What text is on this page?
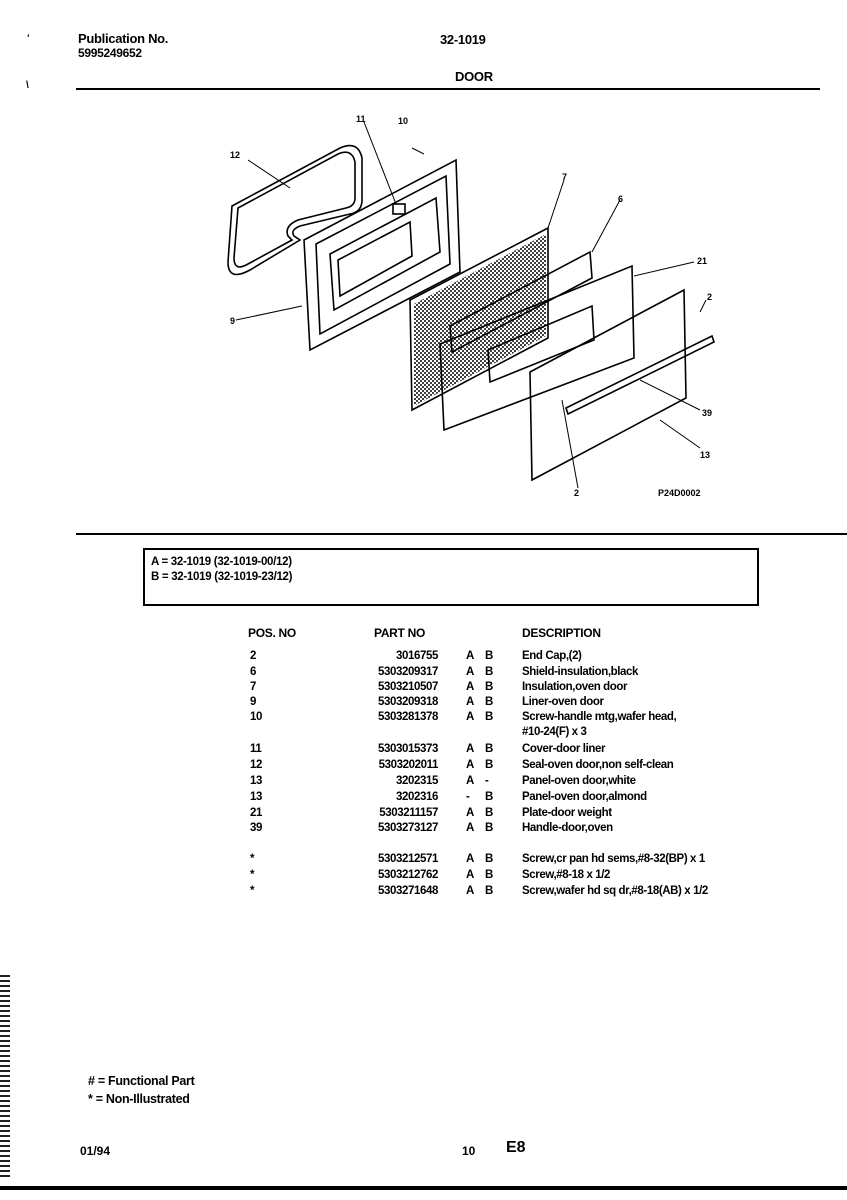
‘
\
Publication No.
5995249652
32-1019
DOOR
12
11	10
7
6
21
2
9
39
13
2	P24D0002
A = 32-1019 (32-1019-00/12)
B = 32-1019 (32-1019-23/12)
POS. NO	PART NO	DESCRIPTION
2	3016755 A B	End Cap,(2)
6	5303209317 A B	Shield-insulation,black
7	5303210507 A B	Insulation,oven door
9	5303209318 A B	Liner-oven door
10	5303281378 A B	Screw-handle mtg,wafer head,
#10-24(F) x 3
11	5303015373 A B	Cover-door liner
12	5303202011 A B	Seal-oven door,non self-clean
13	3202315 A -	Panel-oven door,white
13	3202316 - B	Panel-oven door,almond
21	5303211157 A B	Plate-door weight
39	5303273127 A B	Handle-door,oven
*	5303212571 A B	Screw,cr pan hd sems,#8-32(BP) x 1
*	5303212762 A B	Screw,#8-18 x 1/2
*	5303271648 A B	Screw,wafer hd sq dr,#8-18(AB) x 1/2
# = Functional Part
* = Non-Illustrated
01/94	10 E8
